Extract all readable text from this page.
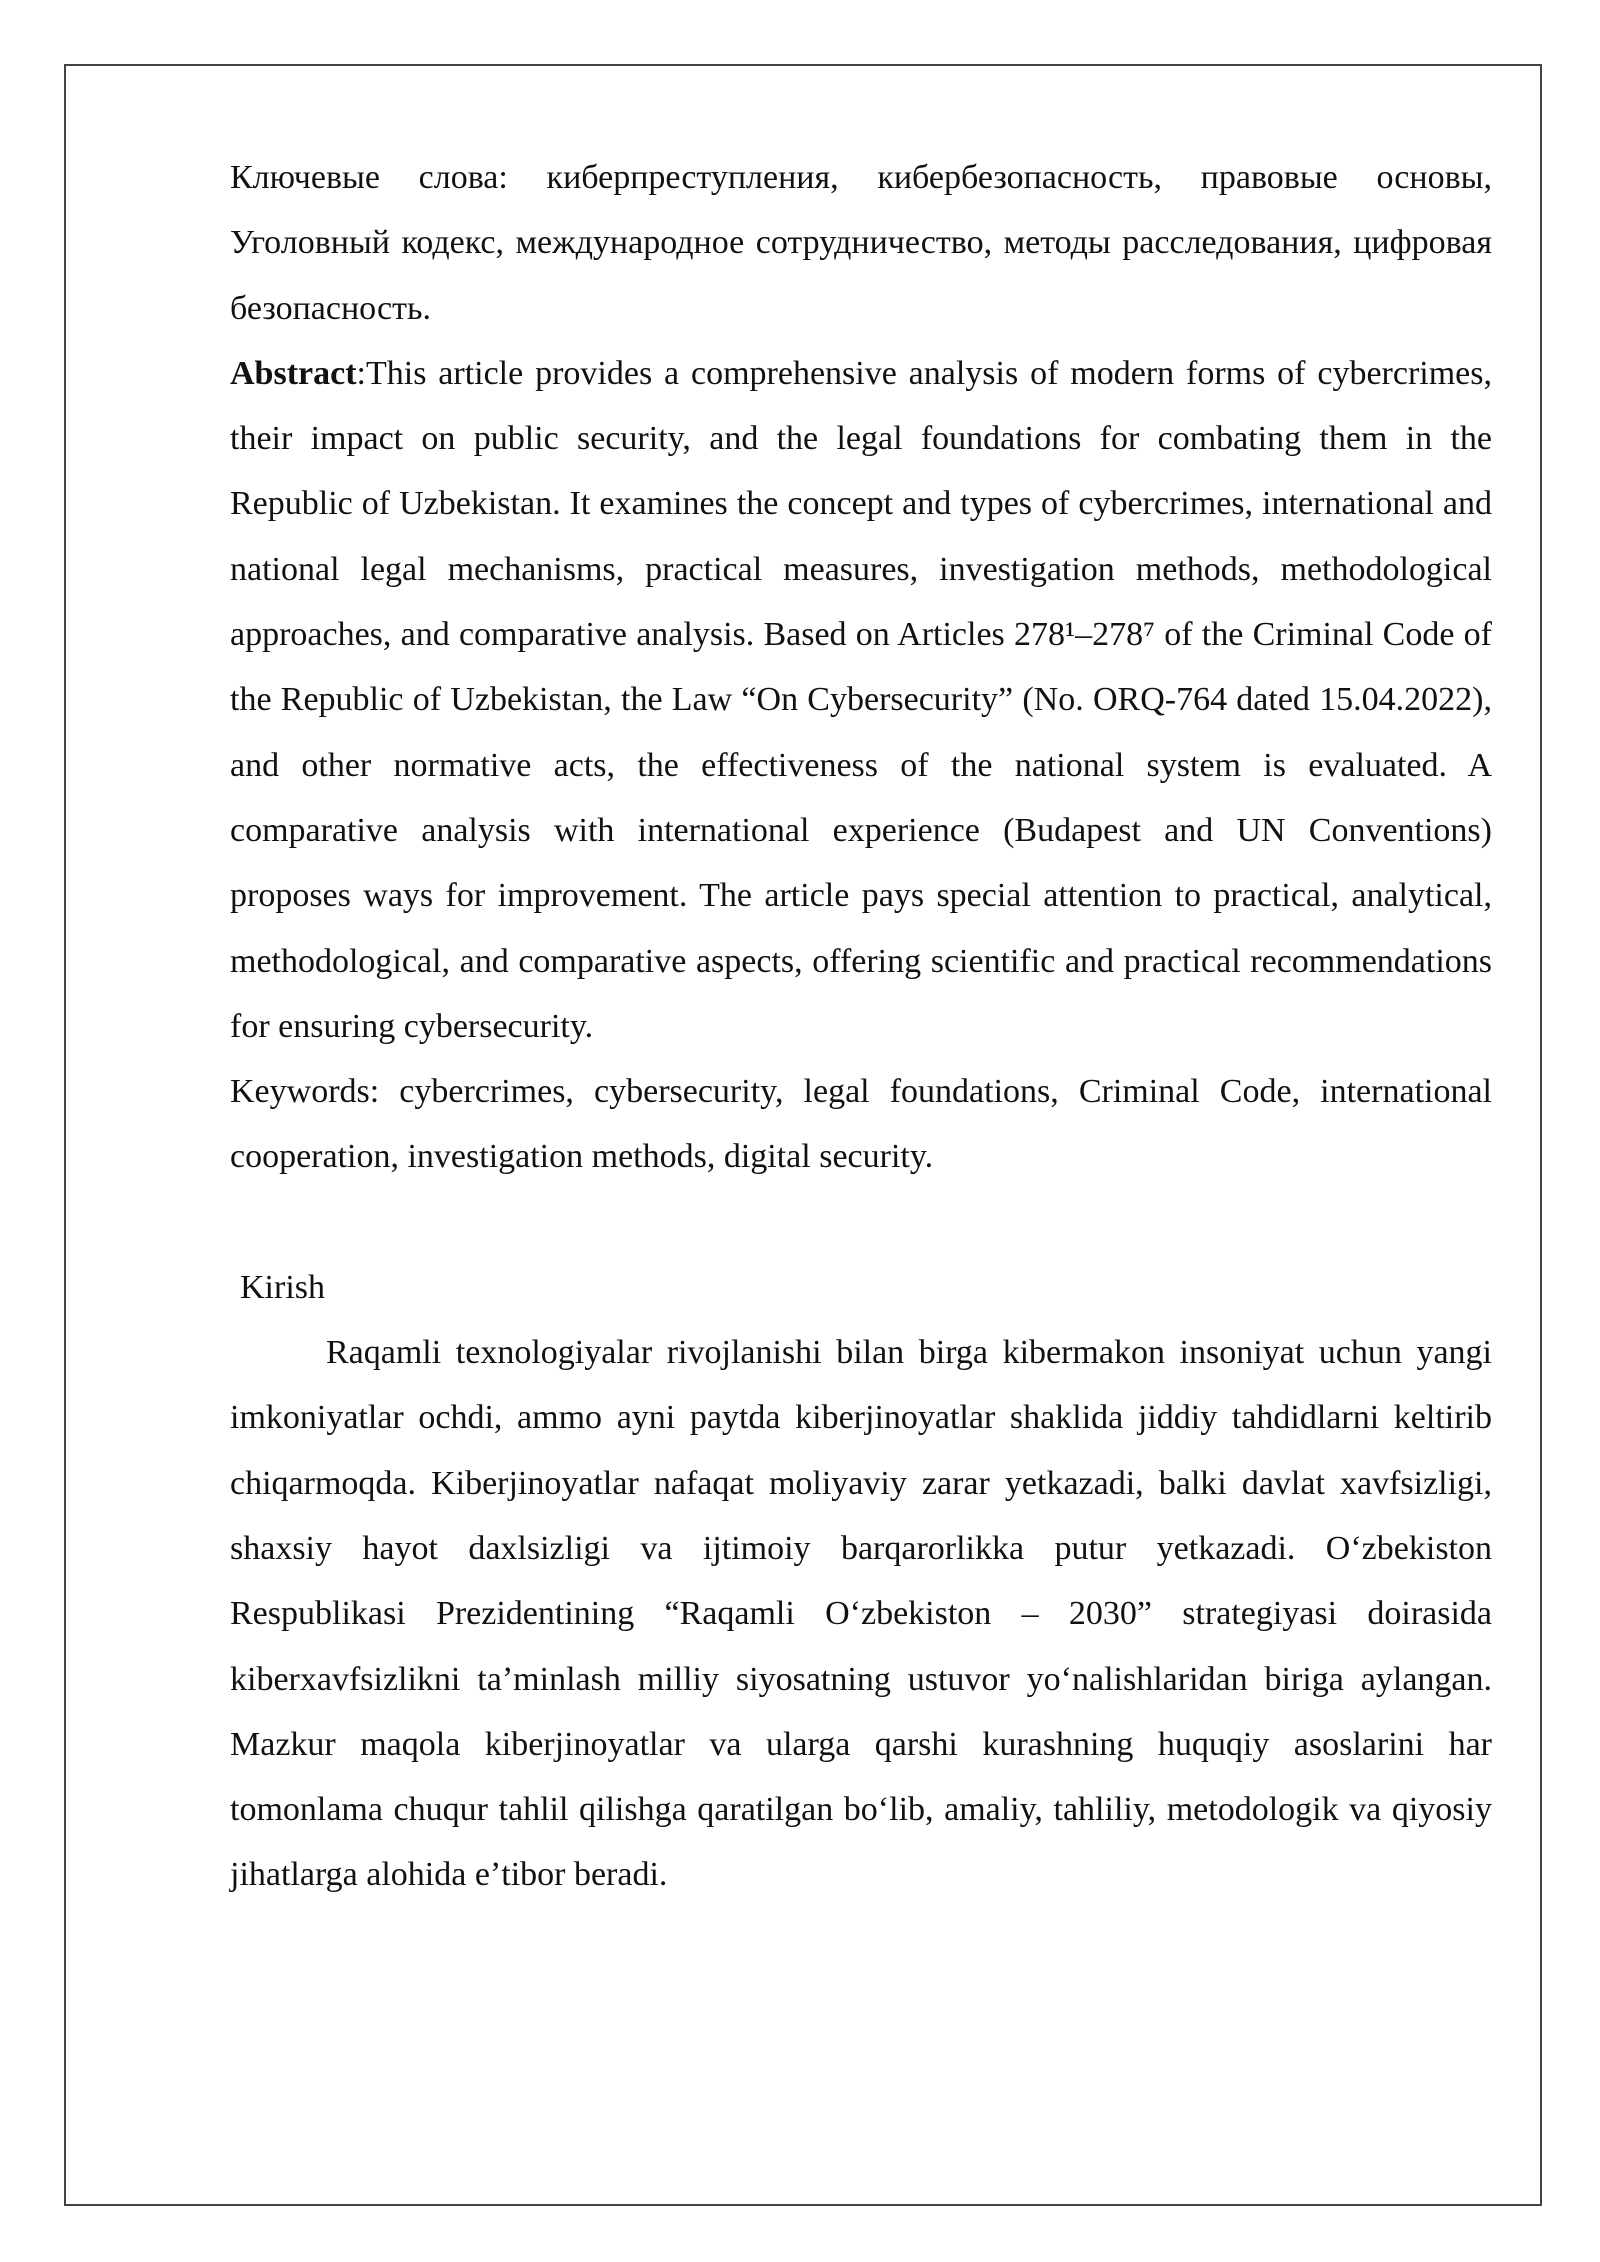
Ключевые слова: киберпреступления, кибербезопасность, правовые основы, Уголовный кодекс, международное сотрудничество, методы расследования, цифровая безопасность.

Abstract:This article provides a comprehensive analysis of modern forms of cybercrimes, their impact on public security, and the legal foundations for combating them in the Republic of Uzbekistan. It examines the concept and types of cybercrimes, international and national legal mechanisms, practical measures, investigation methods, methodological approaches, and comparative analysis. Based on Articles 278¹–278⁷ of the Criminal Code of the Republic of Uzbekistan, the Law “On Cybersecurity” (No. ORQ-764 dated 15.04.2022), and other normative acts, the effectiveness of the national system is evaluated. A comparative analysis with international experience (Budapest and UN Conventions) proposes ways for improvement. The article pays special attention to practical, analytical, methodological, and comparative aspects, offering scientific and practical recommendations for ensuring cybersecurity.

Keywords: cybercrimes, cybersecurity, legal foundations, Criminal Code, international cooperation, investigation methods, digital security.

Kirish

Raqamli texnologiyalar rivojlanishi bilan birga kibermakon insoniyat uchun yangi imkoniyatlar ochdi, ammo ayni paytda kiberjinoyatlar shaklida jiddiy tahdidlarni keltirib chiqarmoqda. Kiberjinoyatlar nafaqat moliyaviy zarar yetkazadi, balki davlat xavfsizligi, shaxsiy hayot daxlsizligi va ijtimoiy barqarorlikka putur yetkazadi. Oʻzbekiston Respublikasi Prezidentining “Raqamli Oʻzbekiston – 2030” strategiyasi doirasida kiberxavfsizlikni taʼminlash milliy siyosatning ustuvor yoʻnalishlaridan biriga aylangan. Mazkur maqola kiberjinoyatlar va ularga qarshi kurashning huquqiy asoslarini har tomonlama chuqur tahlil qilishga qaratilgan boʻlib, amaliy, tahliliy, metodologik va qiyosiy jihatlarga alohida eʼtibor beradi.
